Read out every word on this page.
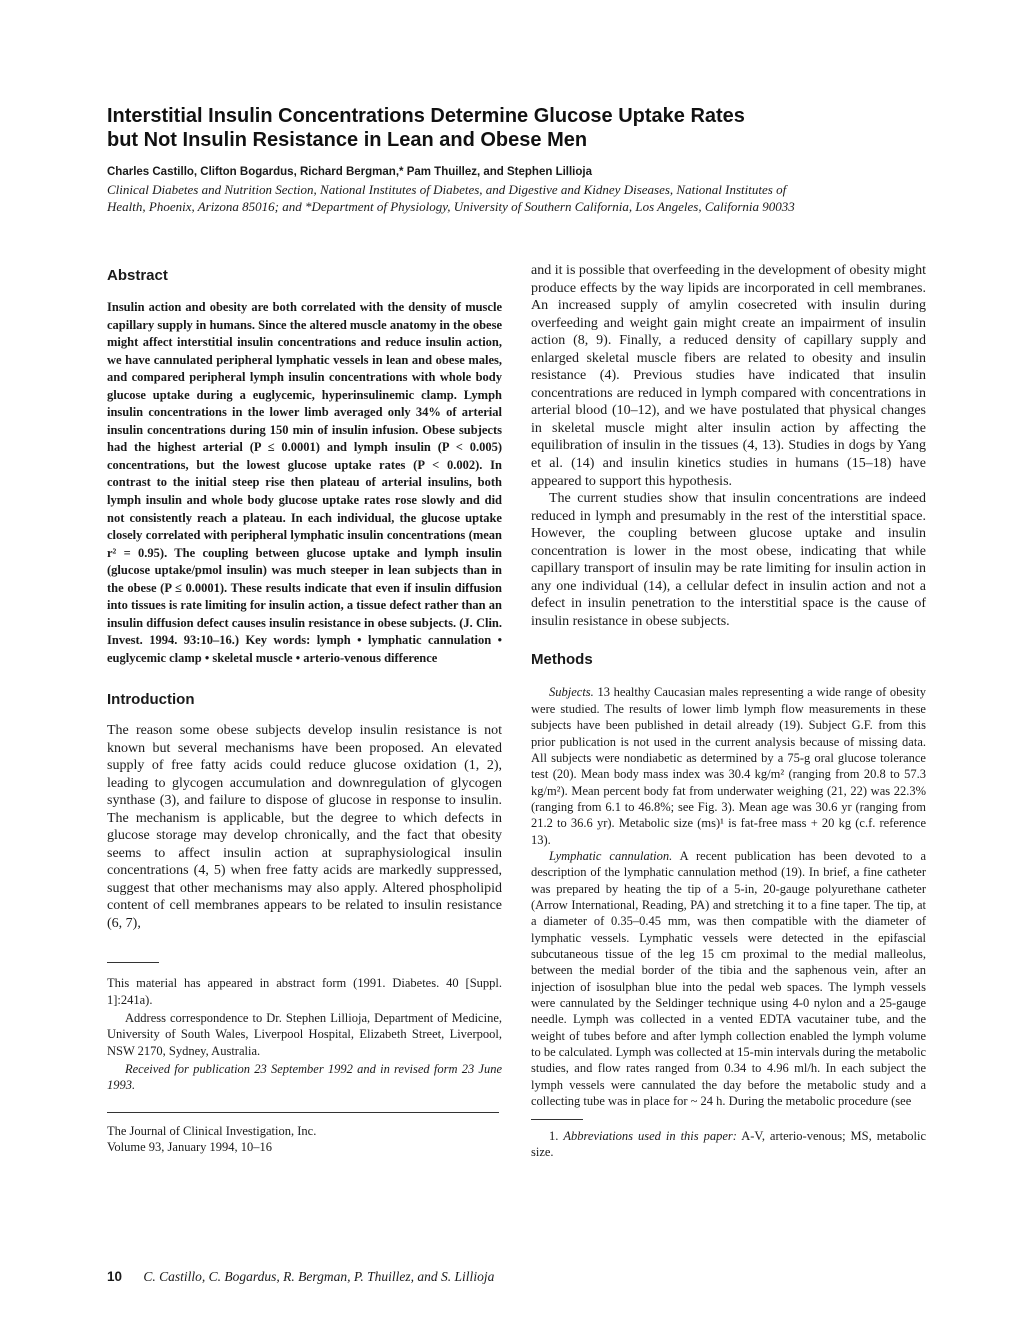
Interstitial Insulin Concentrations Determine Glucose Uptake Rates
but Not Insulin Resistance in Lean and Obese Men
Charles Castillo, Clifton Bogardus, Richard Bergman,* Pam Thuillez, and Stephen Lillioja
Clinical Diabetes and Nutrition Section, National Institutes of Diabetes, and Digestive and Kidney Diseases, National Institutes of
Health, Phoenix, Arizona 85016; and *Department of Physiology, University of Southern California, Los Angeles, California 90033
Abstract

Insulin action and obesity are both correlated with the density of muscle capillary supply in humans. Since the altered muscle anatomy in the obese might affect interstitial insulin concentrations and reduce insulin action, we have cannulated peripheral lymphatic vessels in lean and obese males, and compared peripheral lymph insulin concentrations with whole body glucose uptake during a euglycemic, hyperinsulinemic clamp. Lymph insulin concentrations in the lower limb averaged only 34% of arterial insulin concentrations during 150 min of insulin infusion. Obese subjects had the highest arterial (P ≤ 0.0001) and lymph insulin (P < 0.005) concentrations, but the lowest glucose uptake rates (P < 0.002). In contrast to the initial steep rise then plateau of arterial insulins, both lymph insulin and whole body glucose uptake rates rose slowly and did not consistently reach a plateau. In each individual, the glucose uptake closely correlated with peripheral lymphatic insulin concentrations (mean r² = 0.95). The coupling between glucose uptake and lymph insulin (glucose uptake/pmol insulin) was much steeper in lean subjects than in the obese (P ≤ 0.0001). These results indicate that even if insulin diffusion into tissues is rate limiting for insulin action, a tissue defect rather than an insulin diffusion defect causes insulin resistance in obese subjects. (J. Clin. Invest. 1994. 93:10–16.) Key words: lymph • lymphatic cannulation • euglycemic clamp • skeletal muscle • arterio-venous difference

Introduction

The reason some obese subjects develop insulin resistance is not known but several mechanisms have been proposed. An elevated supply of free fatty acids could reduce glucose oxidation (1, 2), leading to glycogen accumulation and downregulation of glycogen synthase (3), and failure to dispose of glucose in response to insulin. The mechanism is applicable, but the degree to which defects in glucose storage may develop chronically, and the fact that obesity seems to affect insulin action at supraphysiological insulin concentrations (4, 5) when free fatty acids are markedly suppressed, suggest that other mechanisms may also apply. Altered phospholipid content of cell membranes appears to be related to insulin resistance (6, 7),

This material has appeared in abstract form (1991. Diabetes. 40 [Suppl. 1]:241a).

Address correspondence to Dr. Stephen Lillioja, Department of Medicine, University of South Wales, Liverpool Hospital, Elizabeth Street, Liverpool, NSW 2170, Sydney, Australia.

Received for publication 23 September 1992 and in revised form 23 June 1993.

The Journal of Clinical Investigation, Inc.
Volume 93, January 1994, 10–16

and it is possible that overfeeding in the development of obesity might produce effects by the way lipids are incorporated in cell membranes. An increased supply of amylin cosecreted with insulin during overfeeding and weight gain might create an impairment of insulin action (8, 9). Finally, a reduced density of capillary supply and enlarged skeletal muscle fibers are related to obesity and insulin resistance (4). Previous studies have indicated that insulin concentrations are reduced in lymph compared with concentrations in arterial blood (10–12), and we have postulated that physical changes in skeletal muscle might alter insulin action by affecting the equilibration of insulin in the tissues (4, 13). Studies in dogs by Yang et al. (14) and insulin kinetics studies in humans (15–18) have appeared to support this hypothesis.

The current studies show that insulin concentrations are indeed reduced in lymph and presumably in the rest of the interstitial space. However, the coupling between glucose uptake and insulin concentration is lower in the most obese, indicating that while capillary transport of insulin may be rate limiting for insulin action in any one individual (14), a cellular defect in insulin action and not a defect in insulin penetration to the interstitial space is the cause of insulin resistance in obese subjects.

Methods

Subjects. 13 healthy Caucasian males representing a wide range of obesity were studied. The results of lower limb lymph flow measurements in these subjects have been published in detail already (19). Subject G.F. from this prior publication is not used in the current analysis because of missing data. All subjects were nondiabetic as determined by a 75-g oral glucose tolerance test (20). Mean body mass index was 30.4 kg/m² (ranging from 20.8 to 57.3 kg/m²). Mean percent body fat from underwater weighing (21, 22) was 22.3% (ranging from 6.1 to 46.8%; see Fig. 3). Mean age was 30.6 yr (ranging from 21.2 to 36.6 yr). Metabolic size (ms)¹ is fat-free mass + 20 kg (c.f. reference 13).

Lymphatic cannulation. A recent publication has been devoted to a description of the lymphatic cannulation method (19). In brief, a fine catheter was prepared by heating the tip of a 5-in, 20-gauge polyurethane catheter (Arrow International, Reading, PA) and stretching it to a fine taper. The tip, at a diameter of 0.35–0.45 mm, was then compatible with the diameter of lymphatic vessels. Lymphatic vessels were detected in the epifascial subcutaneous tissue of the leg 15 cm proximal to the medial malleolus, between the medial border of the tibia and the saphenous vein, after an injection of isosulphan blue into the pedal web spaces. The lymph vessels were cannulated by the Seldinger technique using 4-0 nylon and a 25-gauge needle. Lymph was collected in a vented EDTA vacutainer tube, and the weight of tubes before and after lymph collection enabled the lymph volume to be calculated. Lymph was collected at 15-min intervals during the metabolic studies, and flow rates ranged from 0.34 to 4.96 ml/h. In each subject the lymph vessels were cannulated the day before the metabolic study and a collecting tube was in place for ~ 24 h. During the metabolic procedure (see

1. Abbreviations used in this paper: A-V, arterio-venous; MS, metabolic size.

10 C. Castillo, C. Bogardus, R. Bergman, P. Thuillez, and S. Lillioja
